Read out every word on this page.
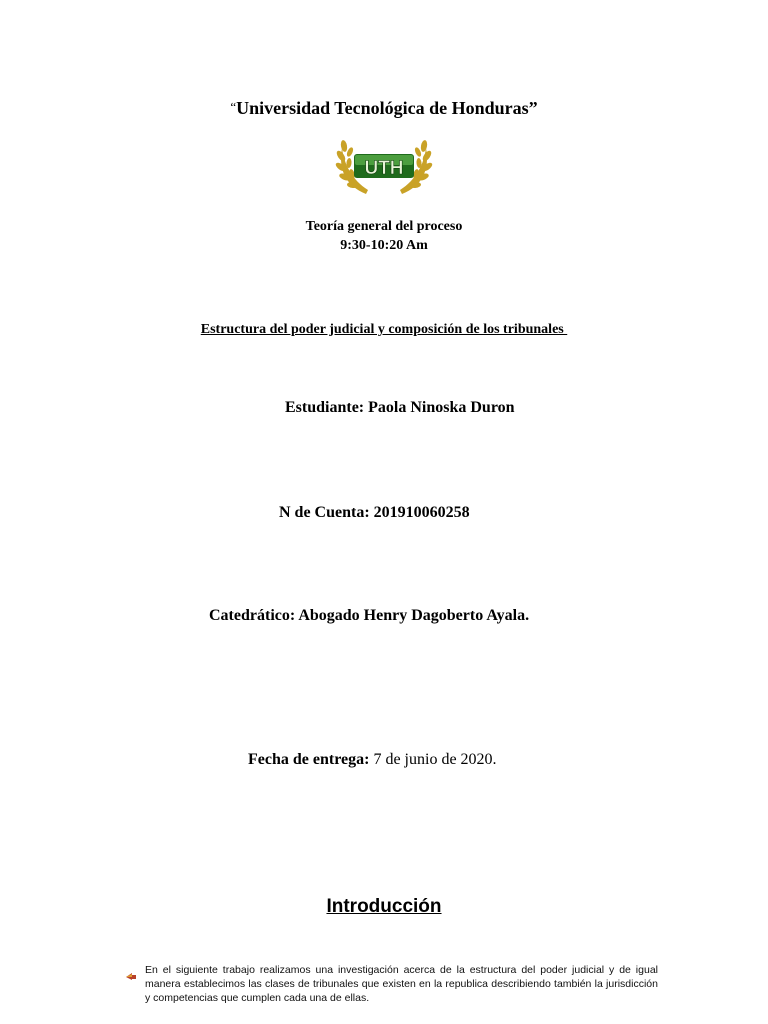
“Universidad Tecnológica de Honduras”
UTH
Teoría general del proceso
9:30-10:20 Am
Estructura del poder judicial y composición de los tribunales
Estudiante: Paola Ninoska Duron
N de Cuenta: 201910060258
Catedrático: Abogado Henry Dagoberto Ayala.
Fecha de entrega: 7 de junio de 2020.
Introducción
En el siguiente trabajo realizamos una investigación acerca de la estructura del poder judicial y de igual manera establecimos las clases de tribunales que existen en la republica describiendo también la jurisdicción y competencias que cumplen cada una de ellas.
